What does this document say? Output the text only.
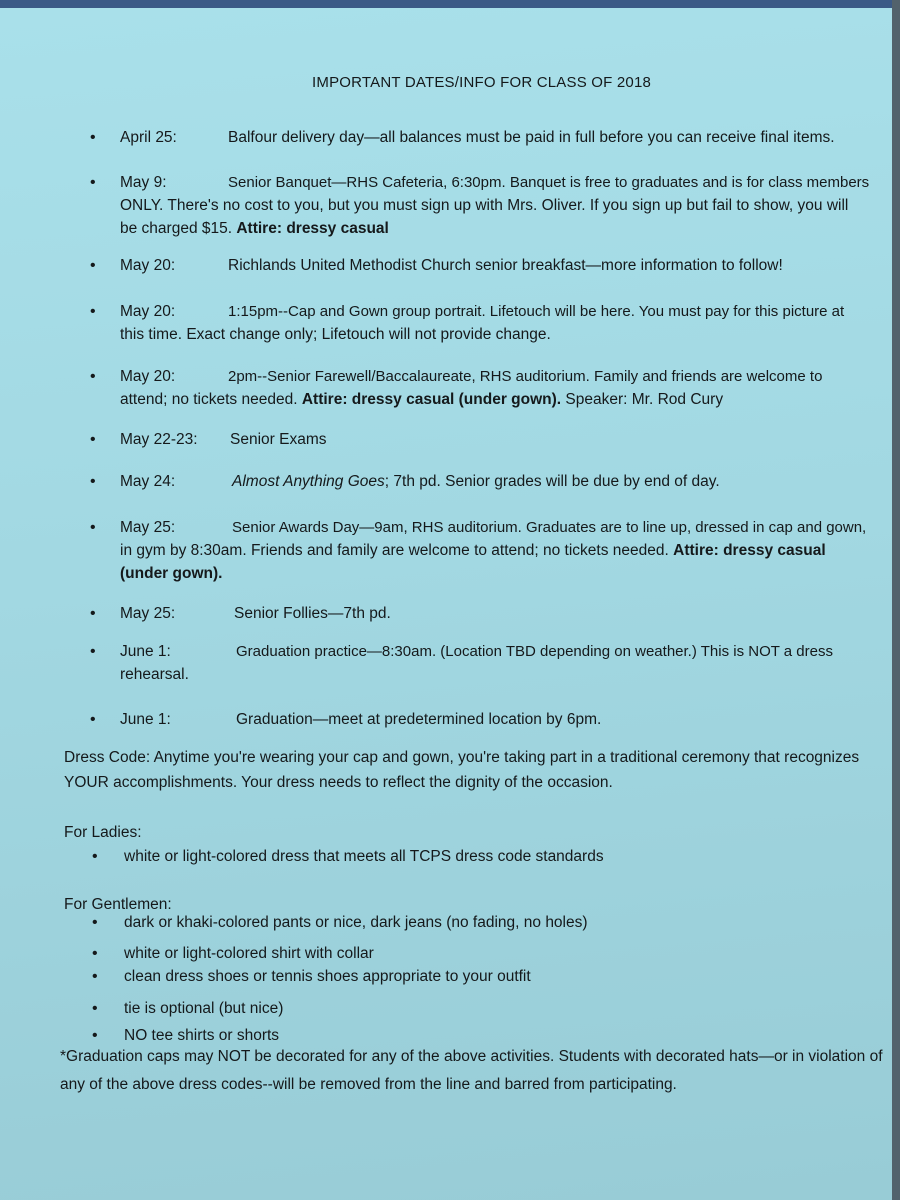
IMPORTANT DATES/INFO FOR CLASS OF 2018
• April 25:	Balfour delivery day—all balances must be paid in full before you can receive final items.
• May 9:	Senior Banquet—RHS Cafeteria, 6:30pm. Banquet is free to graduates and is for class members
ONLY. There's no cost to you, but you must sign up with Mrs. Oliver. If you sign up but fail to show, you will be charged $15. Attire: dressy casual
• May 20:	Richlands United Methodist Church senior breakfast—more information to follow!
• May 20:	1:15pm--Cap and Gown group portrait. Lifetouch will be here. You must pay for this picture at
this time. Exact change only; Lifetouch will not provide change.
• May 20:	2pm--Senior Farewell/Baccalaureate, RHS auditorium. Family and friends are welcome to
attend; no tickets needed. Attire: dressy casual (under gown). Speaker: Mr. Rod Cury
• May 22-23: Senior Exams
• May 24:	Almost Anything Goes; 7th pd. Senior grades will be due by end of day.
• May 25:	Senior Awards Day—9am, RHS auditorium. Graduates are to line up, dressed in cap and gown,
in gym by 8:30am. Friends and family are welcome to attend; no tickets needed. Attire: dressy casual (under gown).
• May 25:	Senior Follies—7th pd.
• June 1:	Graduation practice—8:30am. (Location TBD depending on weather.) This is NOT a dress
rehearsal.
• June 1:	Graduation—meet at predetermined location by 6pm.
Dress Code: Anytime you're wearing your cap and gown, you're taking part in a traditional ceremony that recognizes YOUR accomplishments. Your dress needs to reflect the dignity of the occasion.
For Ladies:
• white or light-colored dress that meets all TCPS dress code standards
For Gentlemen:
• dark or khaki-colored pants or nice, dark jeans (no fading, no holes)
• white or light-colored shirt with collar
• clean dress shoes or tennis shoes appropriate to your outfit
• tie is optional (but nice)
• NO tee shirts or shorts
*Graduation caps may NOT be decorated for any of the above activities. Students with decorated hats—or in violation of any of the above dress codes--will be removed from the line and barred from participating.
